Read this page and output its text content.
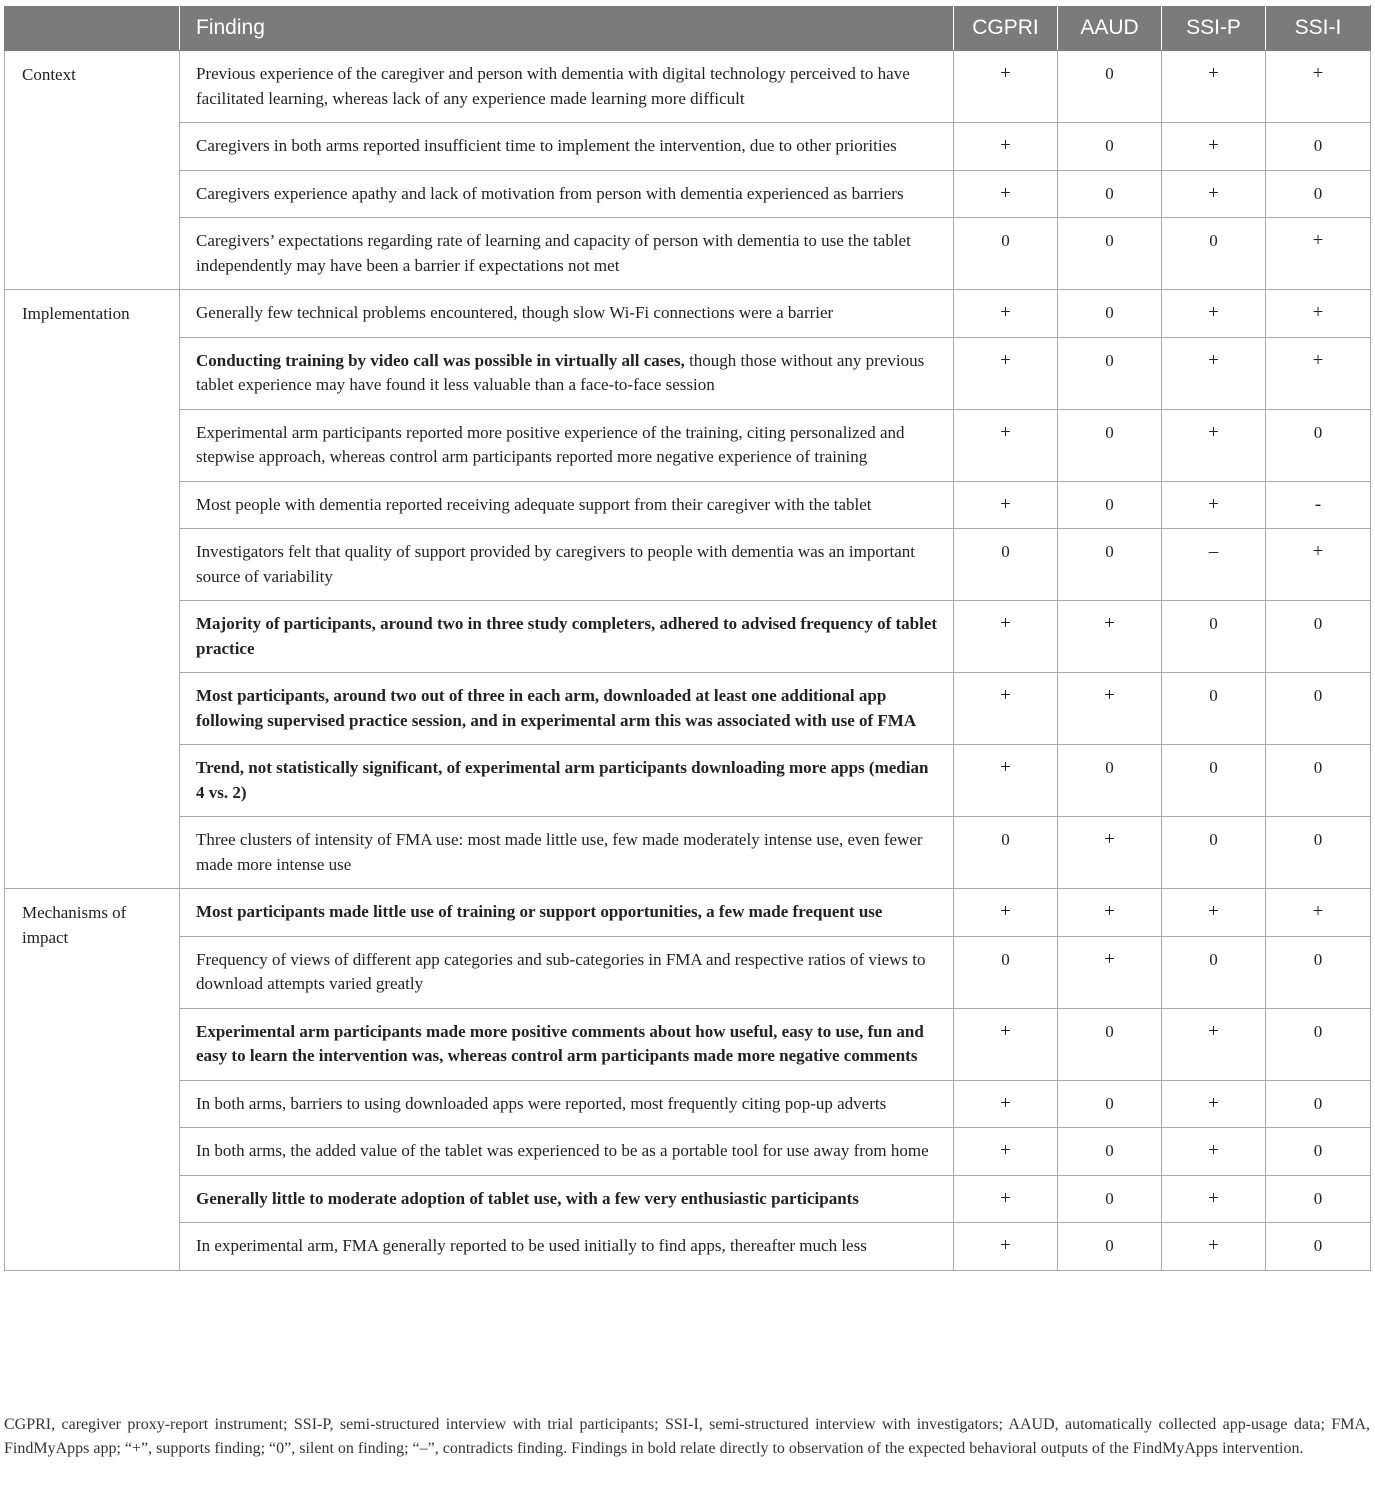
	Finding	CGPRI	AAUD	SSI-P	SSI-I
Context	Previous experience of the caregiver and person with dementia with digital technology perceived to have facilitated learning, whereas lack of any experience made learning more difficult	+	0	+	+
	Caregivers in both arms reported insufficient time to implement the intervention, due to other priorities	+	0	+	0
	Caregivers experience apathy and lack of motivation from person with dementia experienced as barriers	+	0	+	0
	Caregivers’ expectations regarding rate of learning and capacity of person with dementia to use the tablet independently may have been a barrier if expectations not met	0	0	0	+
Implementation	Generally few technical problems encountered, though slow Wi-Fi connections were a barrier	+	0	+	+
	Conducting training by video call was possible in virtually all cases, though those without any previous tablet experience may have found it less valuable than a face-to-face session	+	0	+	+
	Experimental arm participants reported more positive experience of the training, citing personalized and stepwise approach, whereas control arm participants reported more negative experience of training	+	0	+	0
	Most people with dementia reported receiving adequate support from their caregiver with the tablet	+	0	+	-
	Investigators felt that quality of support provided by caregivers to people with dementia was an important source of variability	0	0	–	+
	Majority of participants, around two in three study completers, adhered to advised frequency of tablet practice	+	+	0	0
	Most participants, around two out of three in each arm, downloaded at least one additional app following supervised practice session, and in experimental arm this was associated with use of FMA	+	+	0	0
	Trend, not statistically significant, of experimental arm participants downloading more apps (median 4 vs. 2)	+	0	0	0
	Three clusters of intensity of FMA use: most made little use, few made moderately intense use, even fewer made more intense use	0	+	0	0
Mechanisms of impact	Most participants made little use of training or support opportunities, a few made frequent use	+	+	+	+
	Frequency of views of different app categories and sub-categories in FMA and respective ratios of views to download attempts varied greatly	0	+	0	0
	Experimental arm participants made more positive comments about how useful, easy to use, fun and easy to learn the intervention was, whereas control arm participants made more negative comments	+	0	+	0
	In both arms, barriers to using downloaded apps were reported, most frequently citing pop-up adverts	+	0	+	0
	In both arms, the added value of the tablet was experienced to be as a portable tool for use away from home	+	0	+	0
	Generally little to moderate adoption of tablet use, with a few very enthusiastic participants	+	0	+	0
	In experimental arm, FMA generally reported to be used initially to find apps, thereafter much less	+	0	+	0

CGPRI, caregiver proxy-report instrument; SSI-P, semi-structured interview with trial participants; SSI-I, semi-structured interview with investigators; AAUD, automatically collected app-usage data; FMA, FindMyApps app; “+”, supports finding; “0”, silent on finding; “–”, contradicts finding. Findings in bold relate directly to observation of the expected behavioral outputs of the FindMyApps intervention.
